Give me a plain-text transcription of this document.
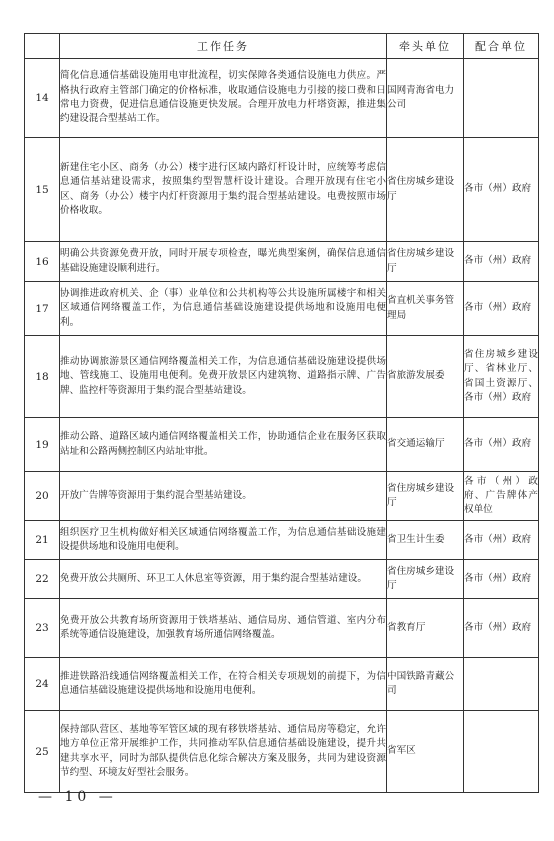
	工作任务	牵头单位	配合单位
14	简化信息通信基础设施用电审批流程，切实保障各类通信设施电力供应。严格执行政府主管部门确定的价格标准，收取通信设施电力引接的接口费和日常电力资费，促进信息通信设施更快发展。合理开放电力杆塔资源，推进集约建设混合型基站工作。	国网青海省电力公司	
15	新建住宅小区、商务（办公）楼宇进行区域内路灯杆设计时，应统筹考虑信息通信基站建设需求，按照集约型智慧杆设计建设。合理开放现有住宅小区、商务（办公）楼宇内灯杆资源用于集约混合型基站建设。电费按照市场价格收取。	省住房城乡建设厅	各市（州）政府
16	明确公共资源免费开放，同时开展专项检查，曝光典型案例，确保信息通信基础设施建设顺利进行。	省住房城乡建设厅	各市（州）政府
17	协调推进政府机关、企（事）业单位和公共机构等公共设施所属楼宇和相关区域通信网络覆盖工作，为信息通信基础设施建设提供场地和设施用电便利。	省直机关事务管理局	各市（州）政府
18	推动协调旅游景区通信网络覆盖相关工作，为信息通信基础设施建设提供场地、管线施工、设施用电便利。免费开放景区内建筑物、道路指示牌、广告牌、监控杆等资源用于集约混合型基站建设。	省旅游发展委	省住房城乡建设厅、省林业厅、省国土资源厅、各市（州）政府
19	推动公路、道路区域内通信网络覆盖相关工作，协助通信企业在服务区获取站址和公路两侧控制区内站址审批。	省交通运输厅	各市（州）政府
20	开放广告牌等资源用于集约混合型基站建设。	省住房城乡建设厅	各市（州）政府、广告牌体产权单位
21	组织医疗卫生机构做好相关区域通信网络覆盖工作，为信息通信基础设施建设提供场地和设施用电便利。	省卫生计生委	各市（州）政府
22	免费开放公共厕所、环卫工人休息室等资源，用于集约混合型基站建设。	省住房城乡建设厅	各市（州）政府
23	免费开放公共教育场所资源用于铁塔基站、通信局房、通信管道、室内分布系统等通信设施建设，加强教育场所通信网络覆盖。	省教育厅	各市（州）政府
24	推进铁路沿线通信网络覆盖相关工作，在符合相关专项规划的前提下，为信息通信基础设施建设提供场地和设施用电便利。	中国铁路青藏公司	
25	保持部队营区、基地等军管区域的现有移铁塔基站、通信局房等稳定，允许地方单位正常开展维护工作，共同推动军队信息通信基础设施建设，提升共建共享水平，同时为部队提供信息化综合解决方案及服务，共同为建设资源节约型、环境友好型社会服务。	省军区	
— 10 —
